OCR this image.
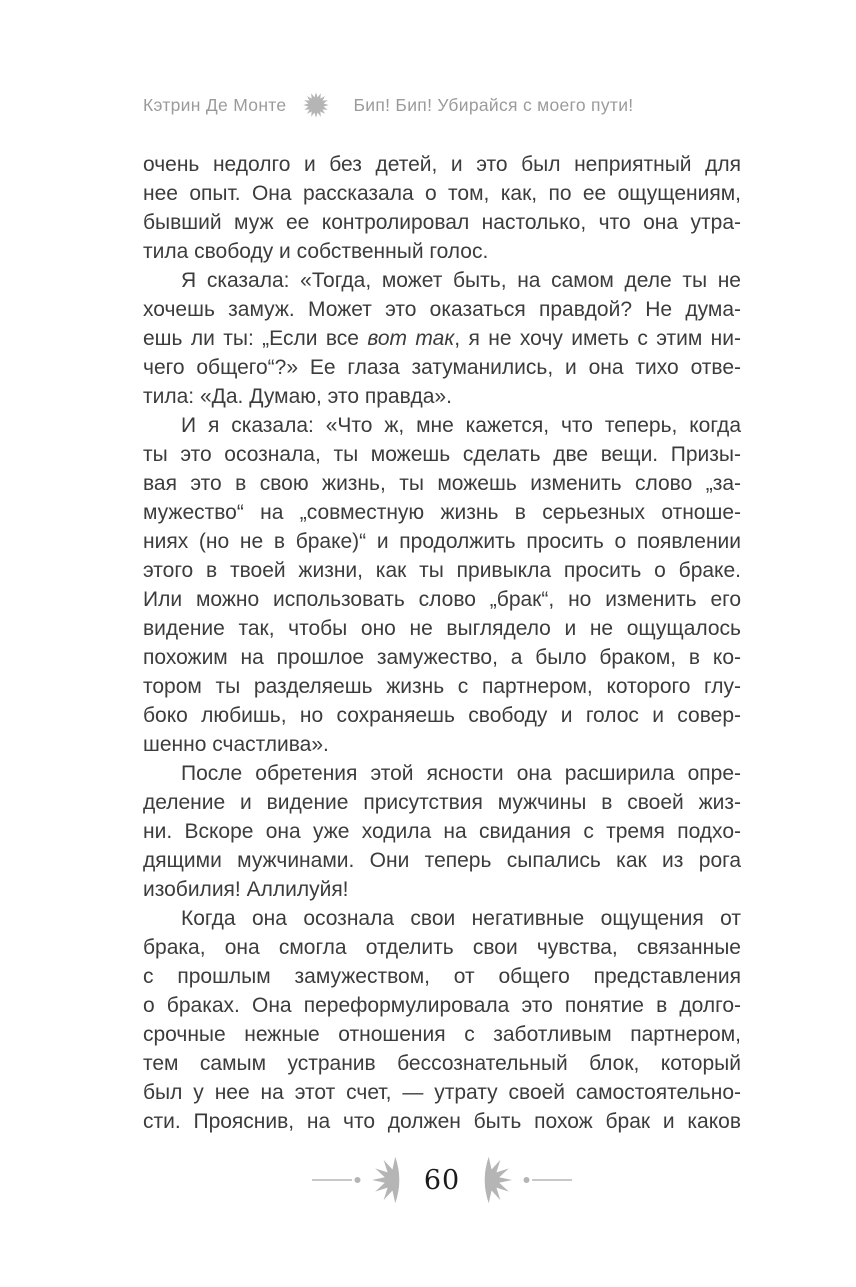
Кэтрин Де Монте	Бип! Бип! Убирайся с моего пути!
очень недолго и без детей, и это был неприятный для
нее опыт. Она рассказала о том, как, по ее ощущениям,
бывший муж ее контролировал настолько, что она утра-
тила свободу и собственный голос.
Я сказала: «Тогда, может быть, на самом деле ты не
хочешь замуж. Может это оказаться правдой? Не дума-
ешь ли ты: „Если все вот так, я не хочу иметь с этим ни-
чего общего“?» Ее глаза затуманились, и она тихо отве-
тила: «Да. Думаю, это правда».
И я сказала: «Что ж, мне кажется, что теперь, когда
ты это осознала, ты можешь сделать две вещи. Призы-
вая это в свою жизнь, ты можешь изменить слово „за-
мужество“ на „совместную жизнь в серьезных отноше-
ниях (но не в браке)“ и продолжить просить о появлении
этого в твоей жизни, как ты привыкла просить о браке.
Или можно использовать слово „брак“, но изменить его
видение так, чтобы оно не выглядело и не ощущалось
похожим на прошлое замужество, а было браком, в ко-
тором ты разделяешь жизнь с партнером, которого глу-
боко любишь, но сохраняешь свободу и голос и совер-
шенно счастлива».
После обретения этой ясности она расширила опре-
деление и видение присутствия мужчины в своей жиз-
ни. Вскоре она уже ходила на свидания с тремя подхо-
дящими мужчинами. Они теперь сыпались как из рога
изобилия! Аллилуйя!
Когда она осознала свои негативные ощущения от
брака, она смогла отделить свои чувства, связанные
с прошлым замужеством, от общего представления
о браках. Она переформулировала это понятие в долго-
срочные нежные отношения с заботливым партнером,
тем самым устранив бессознательный блок, который
был у нее на этот счет, — утрату своей самостоятельно-
сти. Прояснив, на что должен быть похож брак и каков
60
